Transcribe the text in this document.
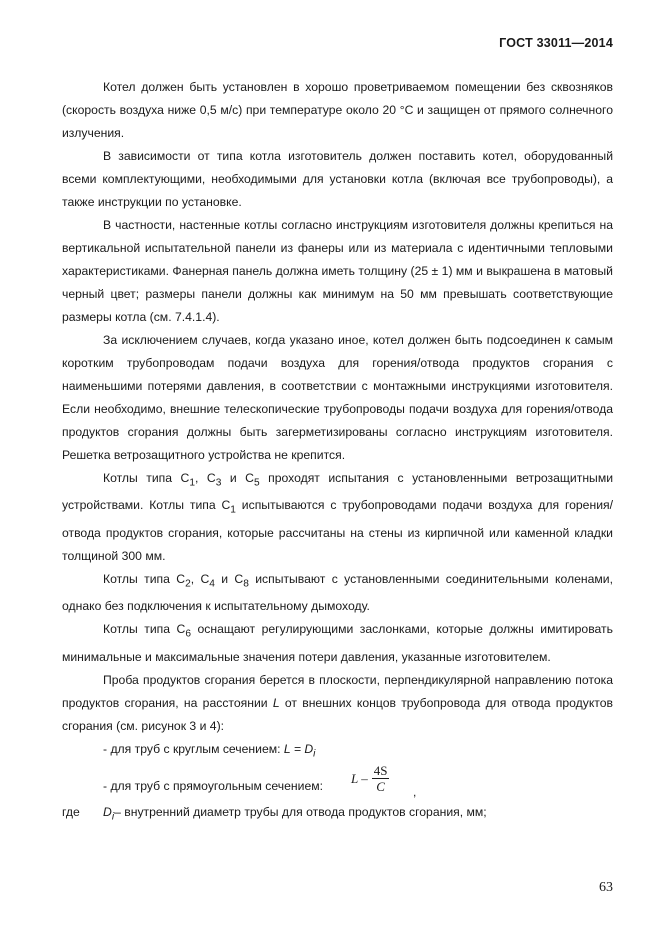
ГОСТ 33011—2014

Котел должен быть установлен в хорошо проветриваемом помещении без сквозняков (скорость воздуха ниже 0,5 м/с) при температуре около 20 °С и защищен от прямого солнечного излучения.

В зависимости от типа котла изготовитель должен поставить котел, оборудованный всеми комплектующими, необходимыми для установки котла (включая все трубопроводы), а также инструкции по установке.

В частности, настенные котлы согласно инструкциям изготовителя должны крепиться на вертикальной испытательной панели из фанеры или из материала с идентичными тепловыми характеристиками. Фанерная панель должна иметь толщину (25 ± 1) мм и выкрашена в матовый черный цвет; размеры панели должны как минимум на 50 мм превышать соответствующие размеры котла (см. 7.4.1.4).

За исключением случаев, когда указано иное, котел должен быть подсоединен к самым коротким трубопроводам подачи воздуха для горения/отвода продуктов сгорания с наименьшими потерями давления, в соответствии с монтажными инструкциями изготовителя. Если необходимо, внешние телескопические трубопроводы подачи воздуха для горения/отвода продуктов сгорания должны быть загерметизированы согласно инструкциям изготовителя. Решетка ветрозащитного устройства не крепится.

Котлы типа $С_1$, $С_3$ и $С_5$ проходят испытания с установленными ветрозащитными устройствами. Котлы типа $С_1$ испытываются с трубопроводами подачи воздуха для горения/отвода продуктов сгорания, которые рассчитаны на стены из кирпичной или каменной кладки толщиной 300 мм.

Котлы типа $С_2$, $С_4$ и $С_8$ испытывают с установленными соединительными коленами, однако без подключения к испытательному дымоходу.

Котлы типа $С_6$ оснащают регулирующими заслонками, которые должны имитировать минимальные и максимальные значения потери давления, указанные изготовителем.

Проба продуктов сгорания берется в плоскости, перпендикулярной направлению потока продуктов сгорания, на расстоянии L от внешних концов трубопровода для отвода продуктов сгорания (см. рисунок 3 и 4):

- для труб с круглым сечением: $L = D_i$

- для труб с прямоугольным сечением: L – $\frac{4S}{C}$ ,

где	$D_i-$ внутренний диаметр трубы для отвода продуктов сгорания, мм;

63
